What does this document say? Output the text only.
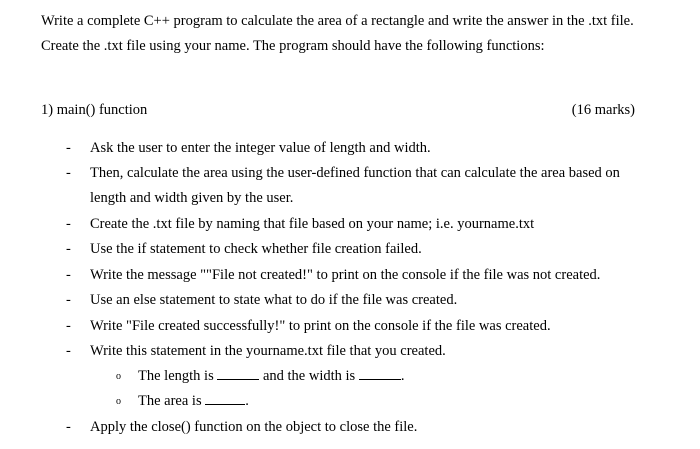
Write a complete C++ program to calculate the area of a rectangle and write the answer in the .txt file.
Create the .txt file using your name. The program should have the following functions:
1) main() function	(16 marks)
- Ask the user to enter the integer value of length and width.
- Then, calculate the area using the user-defined function that can calculate the area based on
length and width given by the user.
- Create the .txt file by naming that file based on your name; i.e. yourname.txt
- Use the if statement to check whether file creation failed.
- Write the message ""File not created!" to print on the console if the file was not created.
- Use an else statement to state what to do if the file was created.
- Write "File created successfully!" to print on the console if the file was created.
- Write this statement in the yourname.txt file that you created.
o The length is	and the width is	.
o The area is	.
- Apply the close() function on the object to close the file.
